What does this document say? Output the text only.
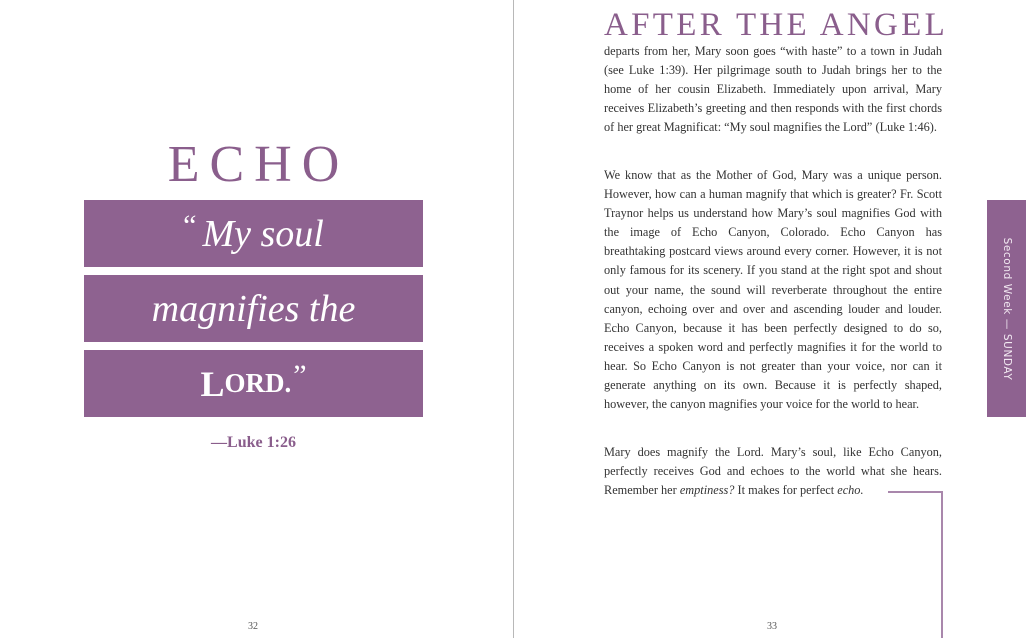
ECHO
“ My soul
magnifies the
L ORD. ”
—Luke 1:26
32
AFTER THE ANGEL
departs from her, Mary soon goes “with haste” to a town in Judah (see Luke 1:39). Her pilgrimage south to Judah brings her to the home of her cousin Elizabeth. Immediately upon arrival, Mary receives Elizabeth’s greeting and then responds with the first chords of her great Magnificat: “My soul magnifies the Lord” (Luke 1:46).
We know that as the Mother of God, Mary was a unique person. However, how can a human magnify that which is greater? Fr. Scott Traynor helps us understand how Mary’s soul magnifies God with the image of Echo Canyon, Colorado. Echo Canyon has breathtaking postcard views around every corner. However, it is not only famous for its scenery. If you stand at the right spot and shout out your name, the sound will reverberate throughout the entire canyon, echoing over and over and ascending louder and louder. Echo Canyon, because it has been perfectly designed to do so, receives a spoken word and perfectly magnifies it for the world to hear. So Echo Canyon is not greater than your voice, nor can it generate anything on its own. Because it is perfectly shaped, however, the canyon magnifies your voice for the world to hear.
Mary does magnify the Lord. Mary’s soul, like Echo Canyon, perfectly receives God and echoes to the world what she hears. Remember her emptiness? It makes for perfect echo.
Second Week — SUNDAY
33
